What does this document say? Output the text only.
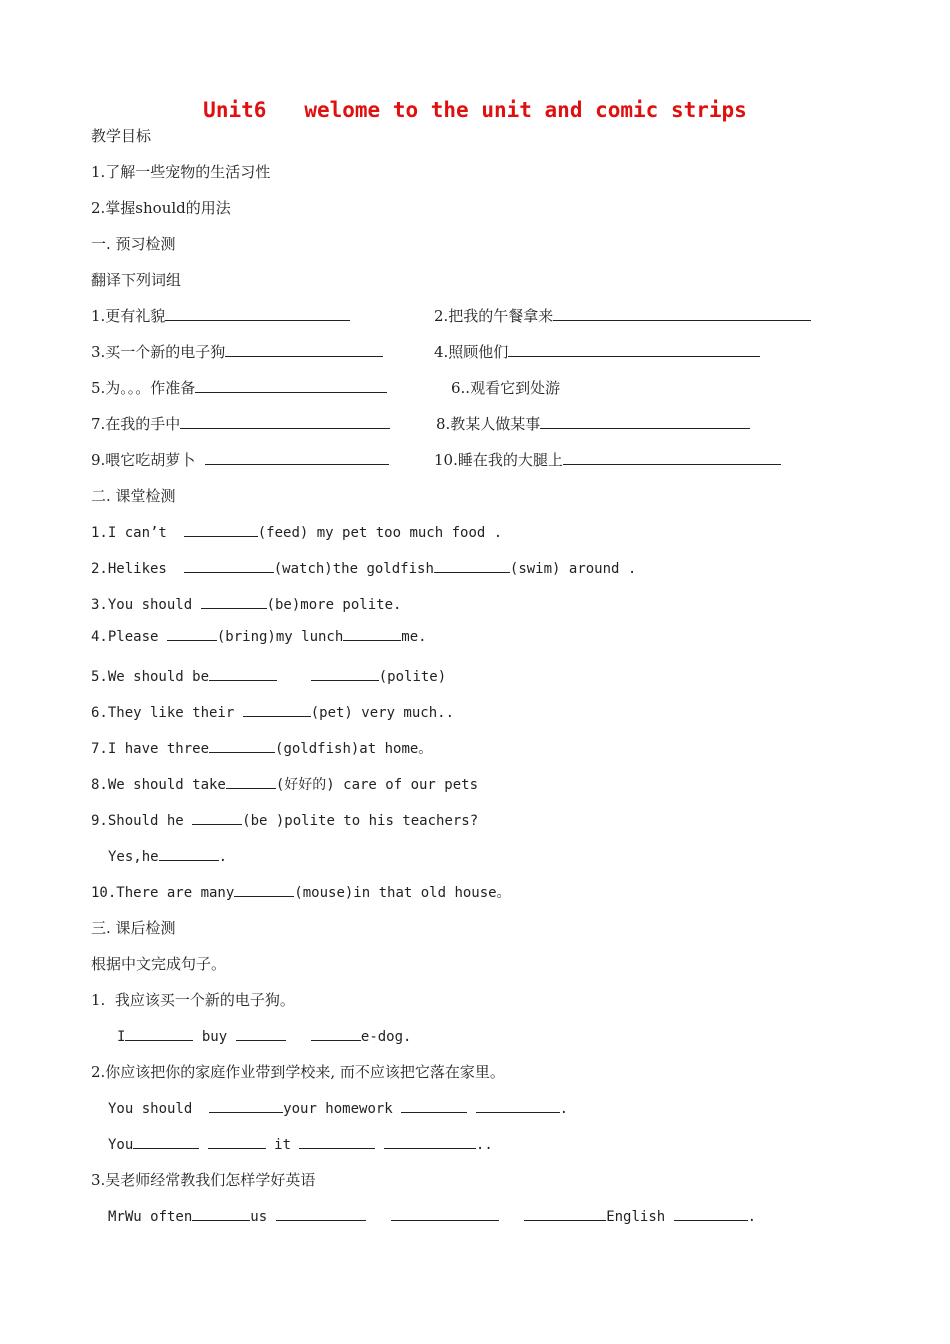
Unit6   welome to the unit and comic strips
教学目标
1.了解一些宠物的生活习性
2.掌握should的用法
一. 预习检测
翻译下列词组
1.更有礼貌	2.把我的午餐拿来
3.买一个新的电子狗	4.照顾他们
5.为。。。作准备	6..观看它到处游
7.在我的手中	8.教某人做某事
9.喂它吃胡萝卜	10.睡在我的大腿上
二. 课堂检测
1.I can’t	(feed) my pet too much food .
2.Helikes	(watch)the goldfish	(swim) around .
3.You should	(be)more polite.
4.Please	(bring)my lunch	me.
5.We should be	(polite)
6.They like their	(pet) very much..
7.I have three	(goldfish)at home。
8.We should take	(好好的) care of our pets
9.Should he	(be )polite to his teachers?
Yes,he	.
10.There are many	(mouse)in that old house。
三. 课后检测
根据中文完成句子。
1.  我应该买一个新的电子狗。
I	buy	e-dog.
2.你应该把你的家庭作业带到学校来, 而不应该把它落在家里。
You should	your homework	.
You	it	..
3.吴老师经常教我们怎样学好英语
MrWu often	us	English	.
